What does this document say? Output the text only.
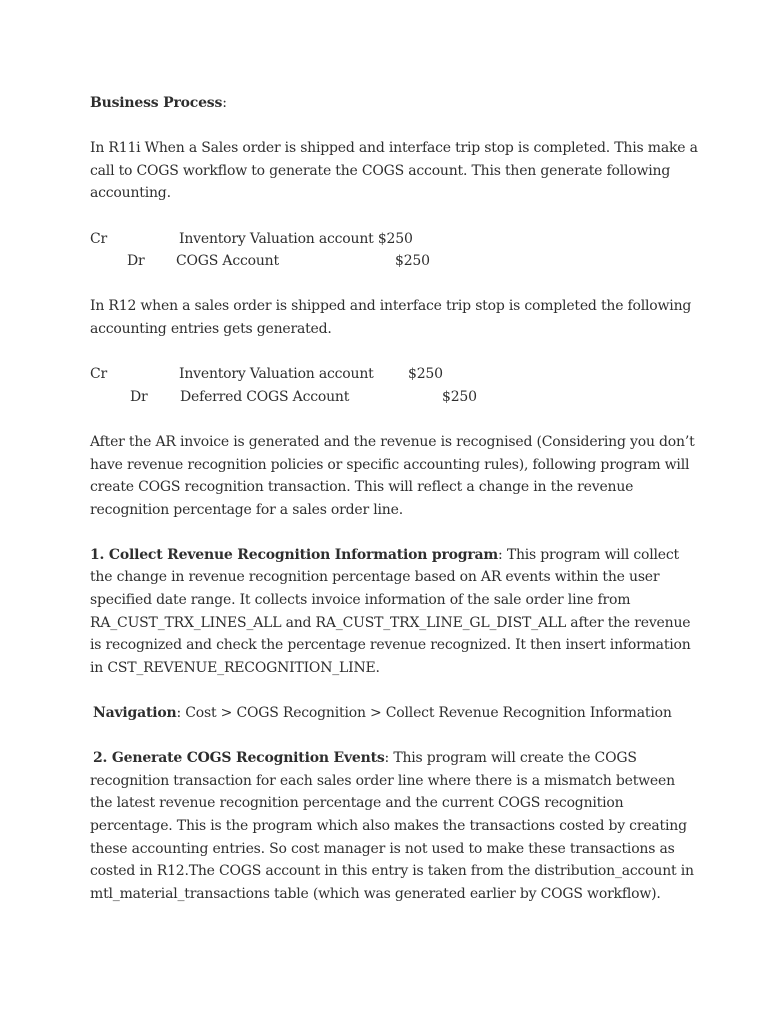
Business Process:

In R11i When a Sales order is shipped and interface trip stop is completed. This make a call to COGS workflow to generate the COGS account. This then generate following accounting.

Cr	Inventory Valuation account $250
Dr COGS Account	$250

In R12 when a sales order is shipped and interface trip stop is completed the following accounting entries gets generated.

Cr	Inventory Valuation account $250
Dr Deferred COGS Account	$250

After the AR invoice is generated and the revenue is recognised (Considering you don’t have revenue recognition policies or specific accounting rules), following program will create COGS recognition transaction. This will reflect a change in the revenue recognition percentage for a sales order line.

1. Collect Revenue Recognition Information program: This program will collect the change in revenue recognition percentage based on AR events within the user specified date range. It collects invoice information of the sale order line from RA_CUST_TRX_LINES_ALL and RA_CUST_TRX_LINE_GL_DIST_ALL after the revenue is recognized and check the percentage revenue recognized. It then insert information in CST_REVENUE_RECOGNITION_LINE.

Navigation: Cost > COGS Recognition > Collect Revenue Recognition Information

2. Generate COGS Recognition Events: This program will create the COGS recognition transaction for each sales order line where there is a mismatch between the latest revenue recognition percentage and the current COGS recognition percentage. This is the program which also makes the transactions costed by creating these accounting entries. So cost manager is not used to make these transactions as costed in R12.The COGS account in this entry is taken from the distribution_account in mtl_material_transactions table (which was generated earlier by COGS workflow).
